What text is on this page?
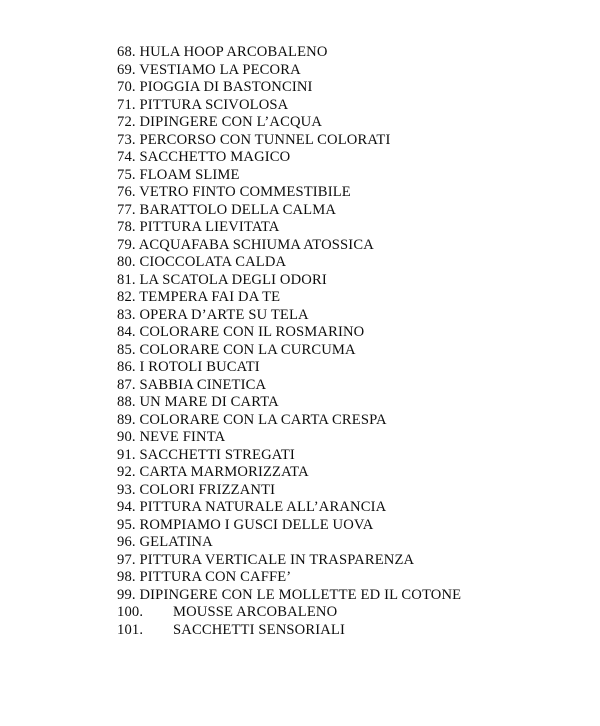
68. HULA HOOP ARCOBALENO
69. VESTIAMO LA PECORA
70. PIOGGIA DI BASTONCINI
71. PITTURA SCIVOLOSA
72. DIPINGERE CON L’ACQUA
73. PERCORSO CON TUNNEL COLORATI
74. SACCHETTO MAGICO
75. FLOAM SLIME
76. VETRO FINTO COMMESTIBILE
77. BARATTOLO DELLA CALMA
78. PITTURA LIEVITATA
79. ACQUAFABA SCHIUMA ATOSSICA
80. CIOCCOLATA CALDA
81. LA SCATOLA DEGLI ODORI
82. TEMPERA FAI DA TE
83. OPERA D’ARTE SU TELA
84. COLORARE CON IL ROSMARINO
85. COLORARE CON LA CURCUMA
86. I ROTOLI BUCATI
87. SABBIA CINETICA
88. UN MARE DI CARTA
89. COLORARE CON LA CARTA CRESPA
90. NEVE FINTA
91. SACCHETTI STREGATI
92. CARTA MARMORIZZATA
93. COLORI FRIZZANTI
94. PITTURA NATURALE ALL’ARANCIA
95. ROMPIAMO I GUSCI DELLE UOVA
96. GELATINA
97. PITTURA VERTICALE IN TRASPARENZA
98. PITTURA CON CAFFE’
99. DIPINGERE CON LE MOLLETTE ED IL COTONE
100. MOUSSE ARCOBALENO
101. SACCHETTI SENSORIALI
